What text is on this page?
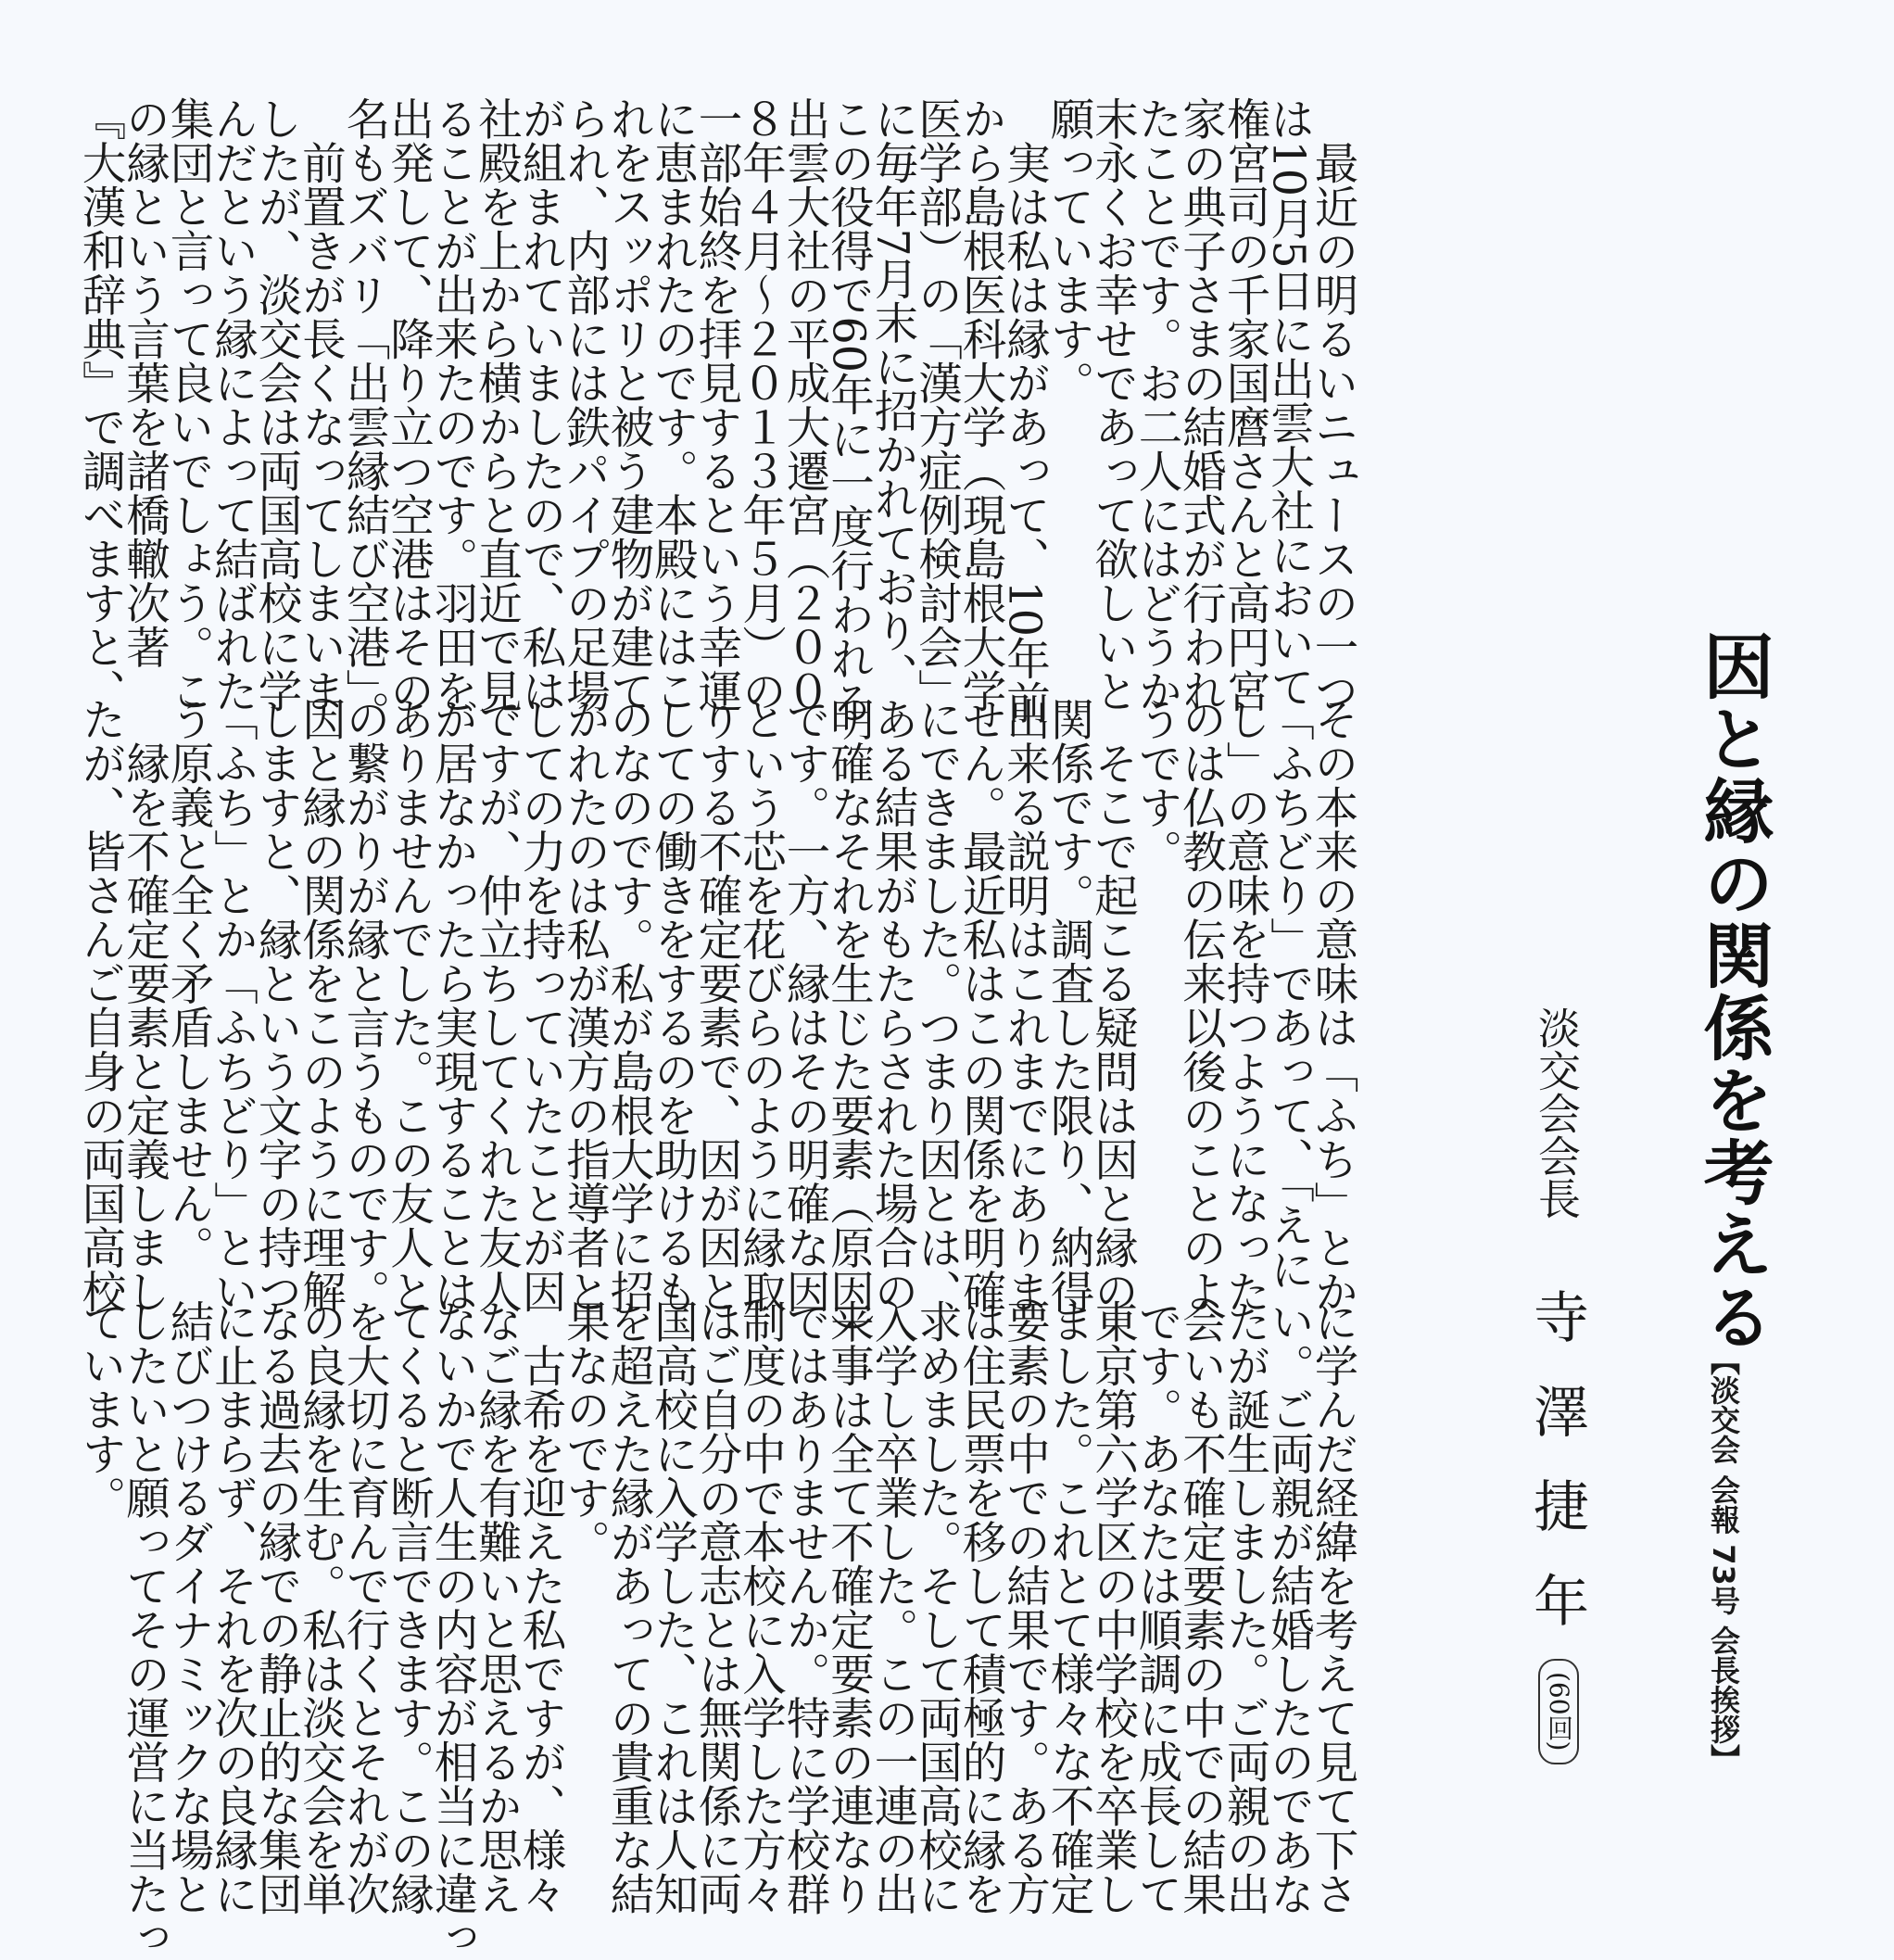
因と縁の関係を考える
【淡交会 会報 73号 会長挨拶】
淡交会会長
寺澤捷年
(60回)

　最近の明るいニュースの一つ
は10月5日に出雲大社において
権宮司の千家国麿さんと高円宮
家の典子さまの結婚式が行われ
たことです。お二人にはどうか
末永くお幸せであって欲しいと
願っています。
　実は私は縁があって、10年前
から島根医科大学（現島根大学
医学部）の「漢方症例検討会」
に毎年7月末に招かれており、
この役得で60年に一度行われる
出雲大社の平成大遷宮（２００
８年４月〜２０１３年５月）の
一部始終を拝見するという幸運
に恵まれたのです。本殿にはこ
れをスッポリと被う建物が建て
られ、内部には鉄パイプの足場
が組まれていましたので、私は
社殿を上から横からと直近で見
ることが出来たのです。羽田を
出発して、降り立つ空港はその
名もズバリ「出雲縁結び空港」。
　前置きが長くなってしまいま
したが、淡交会は両国高校に学
んだという縁によって結ばれた
集団と言って良いでしょう。こ
の縁という言葉を諸橋轍次著
『大漢和辞典』で調べますと、

その本来の意味は「ふち」とか
「ふちどり」であって、「えに
し」の意味を持つようになった
のは仏教の伝来以後のことのよ
うです。
　そこで起こる疑問は因と縁の
関係です。調査した限り、納得
出来る説明はこれまでにありま
せん。最近私はこの関係を明確
にできました。つまり因とは、
ある結果がもたらされた場合の
明確なそれを生じた要素（原因）
です。一方、縁はその明確な因
という芯を花びらのように縁取
りする不確定要素で、因が因と
しての働きをするのを助けるも
のなのです。私が島根大学に招
かれたのは私が漢方の指導者と
しての力を持っていたことが因
ですが、仲立ちしてくれた友人
が居なかったら実現することは
ありませんでした。この友人と
の繋がりが縁と言うものです。
因と縁の関係をこのように理解
しますと、縁という文字の持つ
「ふち」とか「ふちどり」とい
う原義と全く矛盾しません。
　縁を不確定要素と定義しまし
たが、皆さんご自身の両国高校

に学んだ経緯を考えて見て下さ
い。ご両親が結婚したのであな
たが誕生しました。ご両親の出
会いも不確定要素の中での結果
です。あなたは順調に成長して
東京第六学区の中学校を卒業し
ました。これとて様々な不確定
要素の中での結果です。ある方
は住民票を移して積極的に縁を
求めました。そして両国高校に
入学し卒業した。この一連の出
来事は全て不確定要素の連なり
ではありませんか。特に学校群
制度の中で本校に入学した方々
はご自分の意志とは無関係に両
国高校に入学した、これは人知
を超えた縁があっての貴重な結
果なのです。
　古希を迎えた私ですが、様々
なご縁を有難いと思えるか思え
ないかで人生の内容が相当に違っ
てくると断言できます。この縁
を大切に育んで行くとそれが次
の良縁を生む。私は淡交会を単
なる過去の縁での静止的な集団
に止まらず、それを次の良縁に
結びつけるダイナミックな場と
したいと願ってその運営に当たっ
ています。
